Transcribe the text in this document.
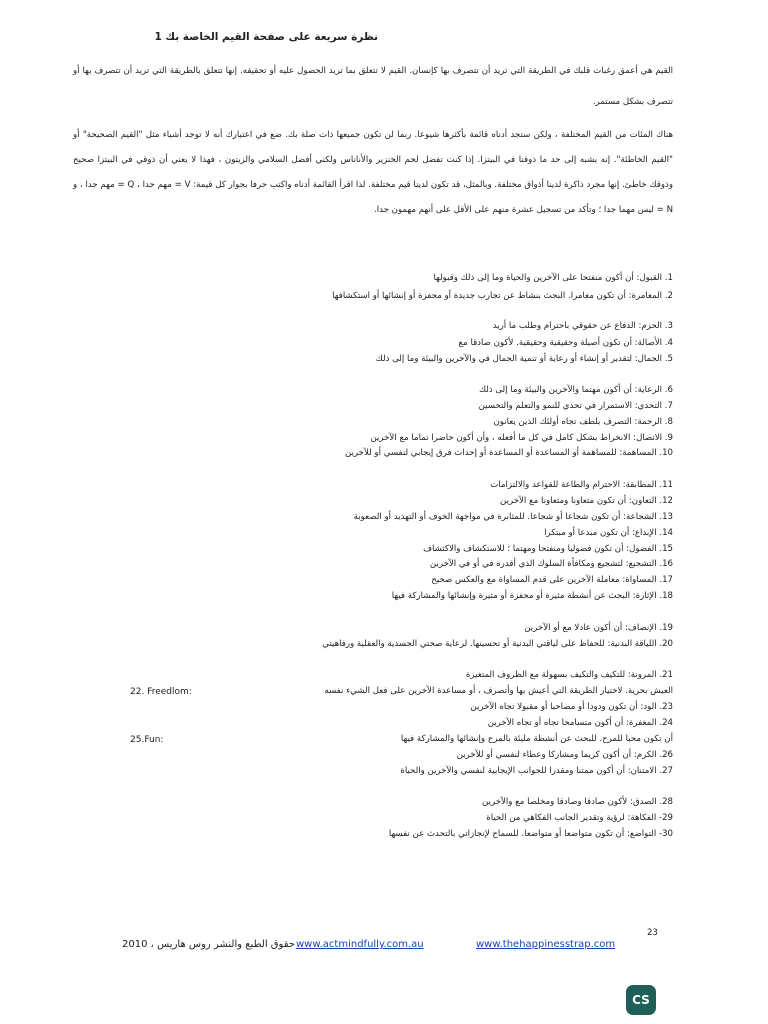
نظرة سريعة على صفحة القيم الخاصة بك 1
القيم هي أعمق رغبات قلبك في الطريقة التي تريد أن تتصرف بها كإنسان. القيم لا تتعلق بما تريد الحصول عليه أو تحقيقه. إنها تتعلق بالطريقة التي تريد أن تتصرف بها أو تتصرف بشكل مستمر.
هناك المئات من القيم المختلفة ، ولكن ستجد أدناه قائمة بأكثرها شيوعا. ربما لن تكون جميعها ذات صلة بك. ضع في اعتبارك أنه لا توجد أشياء مثل "القيم الصحيحة" أو "القيم الخاطئة". إنه يشبه إلى حد ما ذوقنا في البيتزا. إذا كنت تفضل لحم الخنزير والأناناس ولكني أفضل السلامي والزيتون ، فهذا لا يعني أن ذوقي في البيتزا صحيح وذوقك خاطئ. إنها مجرد ذاكرة لدينا أذواق مختلفة. وبالمثل، قد تكون لدينا قيم مختلفة. لذا اقرأ القائمة أدناه واكتب حرفا بجوار كل قيمة: V = مهم جدا ، Q = مهم جدا ، و N = ليس مهما جدا ؛ وتأكد من تسجيل عشرة منهم على الأقل على أنهم مهمون جدا.
1. القبول: أن أكون منفتحا على الآخرين والحياة وما إلى ذلك وقبولها
2. المغامرة: أن تكون مغامرا. البحث بنشاط عن تجارب جديدة أو محفزة أو إنشائها أو استكشافها
3. الحزم: الدفاع عن حقوقي باحترام وطلب ما أريد
4. الأصالة: أن تكون أصيلة وحقيقية وحقيقية. لأكون صادقا مع
5. الجمال: لتقدير أو إنشاء أو رعاية أو تنمية الجمال في والآخرين والبيئة وما إلى ذلك
6. الرعاية: أن أكون مهتما والآخرين والبيئة وما إلى ذلك
7. التحدي: الاستمرار في تحدي للنمو والتعلم والتحسين
8. الرحمة: التصرف بلطف تجاه أولئك الذين يعانون
9. الاتصال: الانخراط بشكل كامل في كل ما أفعله ، وأن أكون حاضرا تماما مع الآخرين
10. المساهمة: للمساهمة أو المساعدة أو المساعدة أو إحداث فرق إيجابي لنفسي أو للآخرين
11. المطابقة: الاحترام والطاعة للقواعد والالتزامات
12. التعاون: أن تكون متعاونا ومتعاونا مع الآخرين
13. الشجاعة: أن تكون شجاعا أو شجاعا. للمثابرة في مواجهة الخوف أو التهديد أو الصعوبة
14. الإبداع: أن تكون مبدعا أو مبتكرا
15. الفضول: أن تكون فضوليا ومنفتحا ومهتما ؛ للاستكشاف والاكتشاف
16. التشجيع: لتشجيع ومكافأة السلوك الذي أقدره في أو في الآخرين
17. المساواة: معاملة الآخرين على قدم المساواة مع والعكس صحيح
18. الإثارة: البحث عن أنشطة مثيرة أو محفزة أو مثيرة وإنشائها والمشاركة فيها
19. الإنصاف: أن أكون عادلا مع أو الآخرين
20. اللياقة البدنية: للحفاظ على لياقتي البدنية أو تحسينها. لرعاية صحتي الجسدية والعقلية ورفاهيتي
21. المرونة: للتكيف والتكيف بسهولة مع الظروف المتغيرة
العيش بحرية. لاختيار الطريقة التي أعيش بها وأتصرف ، أو مساعدة الآخرين على فعل الشيء نفسه
23. الود: أن تكون ودودا أو مصاحبا أو مقبولا تجاه الآخرين
24. المغفرة: أن أكون متسامحا تجاه أو تجاه الآخرين
أن تكون محبا للمرح. للبحث عن أنشطة مليئة بالمرح وإنشائها والمشاركة فيها
26. الكرم: أن أكون كريما ومشاركا وعطاء لنفسي أو للآخرين
27. الامتنان: أن أكون ممتنا ومقدرا للجوانب الإيجابية لنفسي والآخرين والحياة
28. الصدق: لأكون صادقا وصادقا ومخلصا مع والآخرين
29- الفكاهة: لرؤية وتقدير الجانب الفكاهي من الحياة
30- التواضع: أن تكون متواضعا أو متواضعا. للسماح لإنجازاتي بالتحدث عن نفسها
22. Freedlom:
25.Fun:
23
www.thehappinesstrap.com
www.actmindfully.com.au
حقوق الطبع والنشر روس هاريس ، 2010
CS
